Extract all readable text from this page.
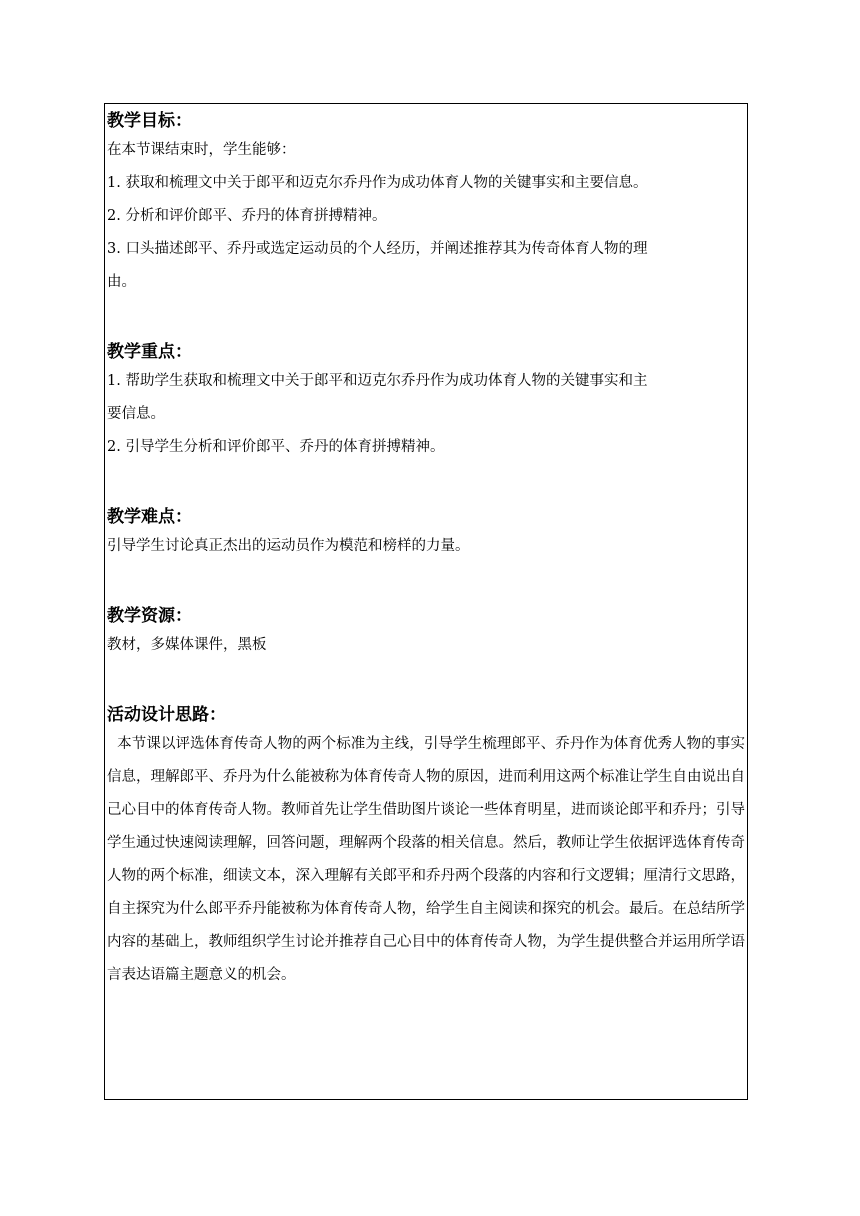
教学目标：

在本节课结束时，学生能够：

1. 获取和梳理文中关于郎平和迈克尔乔丹作为成功体育人物的关键事实和主要信息。

2. 分析和评价郎平、乔丹的体育拼搏精神。

3. 口头描述郎平、乔丹或选定运动员的个人经历，并阐述推荐其为传奇体育人物的理

由。

教学重点：

1. 帮助学生获取和梳理文中关于郎平和迈克尔乔丹作为成功体育人物的关键事实和主

要信息。

2. 引导学生分析和评价郎平、乔丹的体育拼搏精神。

教学难点：

引导学生讨论真正杰出的运动员作为模范和榜样的力量。

教学资源：

教材，多媒体课件，黑板

活动设计思路：

本节课以评选体育传奇人物的两个标准为主线，引导学生梳理郎平、乔丹作为体育优秀人物的事实信息，理解郎平、乔丹为什么能被称为体育传奇人物的原因，进而利用这两个标准让学生自由说出自己心目中的体育传奇人物。教师首先让学生借助图片谈论一些体育明星，进而谈论郎平和乔丹；引导学生通过快速阅读理解，回答问题，理解两个段落的相关信息。然后，教师让学生依据评选体育传奇人物的两个标准，细读文本，深入理解有关郎平和乔丹两个段落的内容和行文逻辑；厘清行文思路，自主探究为什么郎平乔丹能被称为体育传奇人物，给学生自主阅读和探究的机会。最后。在总结所学内容的基础上，教师组织学生讨论并推荐自己心目中的体育传奇人物，为学生提供整合并运用所学语言表达语篇主题意义的机会。
